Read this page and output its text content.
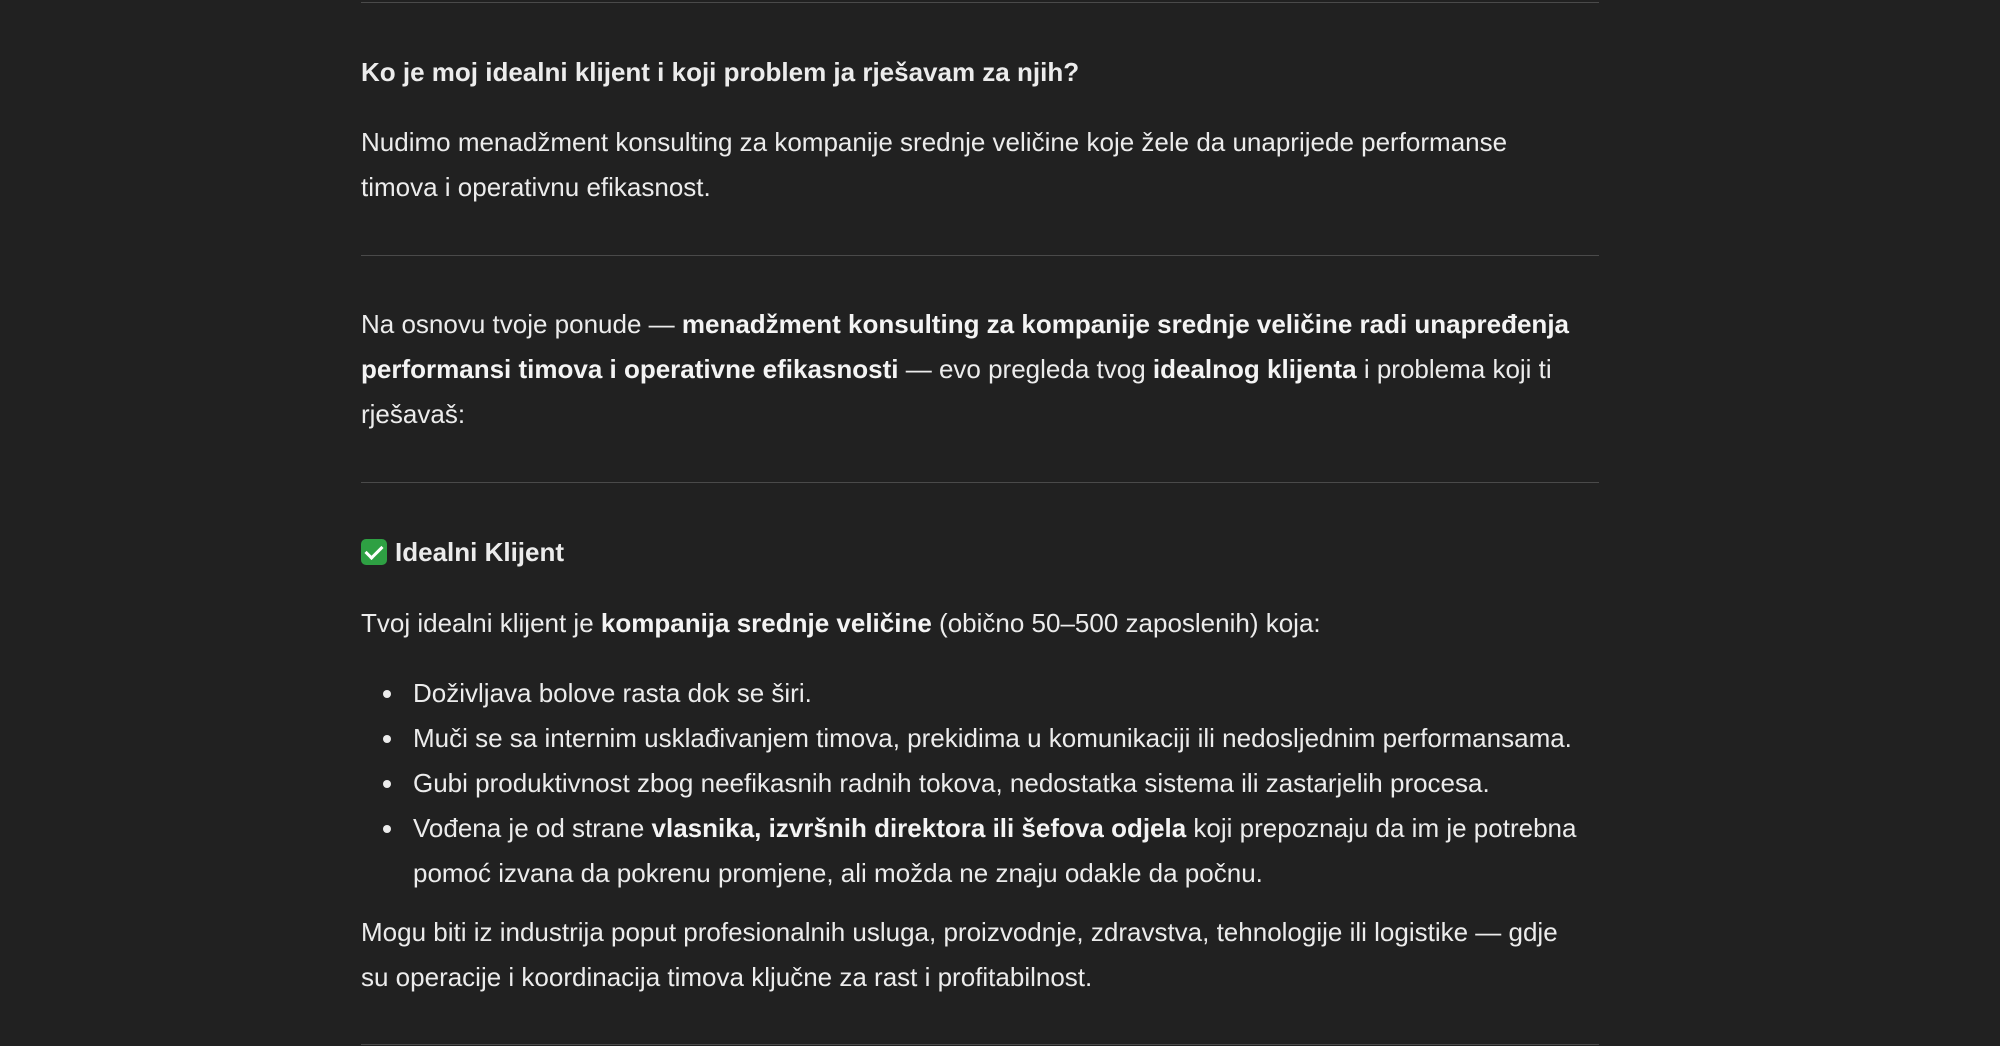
Ko je moj idealni klijent i koji problem ja rješavam za njih?
Nudimo menadžment konsulting za kompanije srednje veličine koje žele da unaprijede performanse
timova i operativnu efikasnost.
Na osnovu tvoje ponude — menadžment konsulting za kompanije srednje veličine radi unapređenja
performansi timova i operativne efikasnosti — evo pregleda tvog idealnog klijenta i problema koji ti
rješavaš:
Idealni Klijent
Tvoj idealni klijent je kompanija srednje veličine (obično 50–500 zaposlenih) koja:
Doživljava bolove rasta dok se širi.
Muči se sa internim usklađivanjem timova, prekidima u komunikaciji ili nedosljednim performansama.
Gubi produktivnost zbog neefikasnih radnih tokova, nedostatka sistema ili zastarjelih procesa.
Vođena je od strane vlasnika, izvršnih direktora ili šefova odjela koji prepoznaju da im je potrebna
pomoć izvana da pokrenu promjene, ali možda ne znaju odakle da počnu.
Mogu biti iz industrija poput profesionalnih usluga, proizvodnje, zdravstva, tehnologije ili logistike — gdje
su operacije i koordinacija timova ključne za rast i profitabilnost.
